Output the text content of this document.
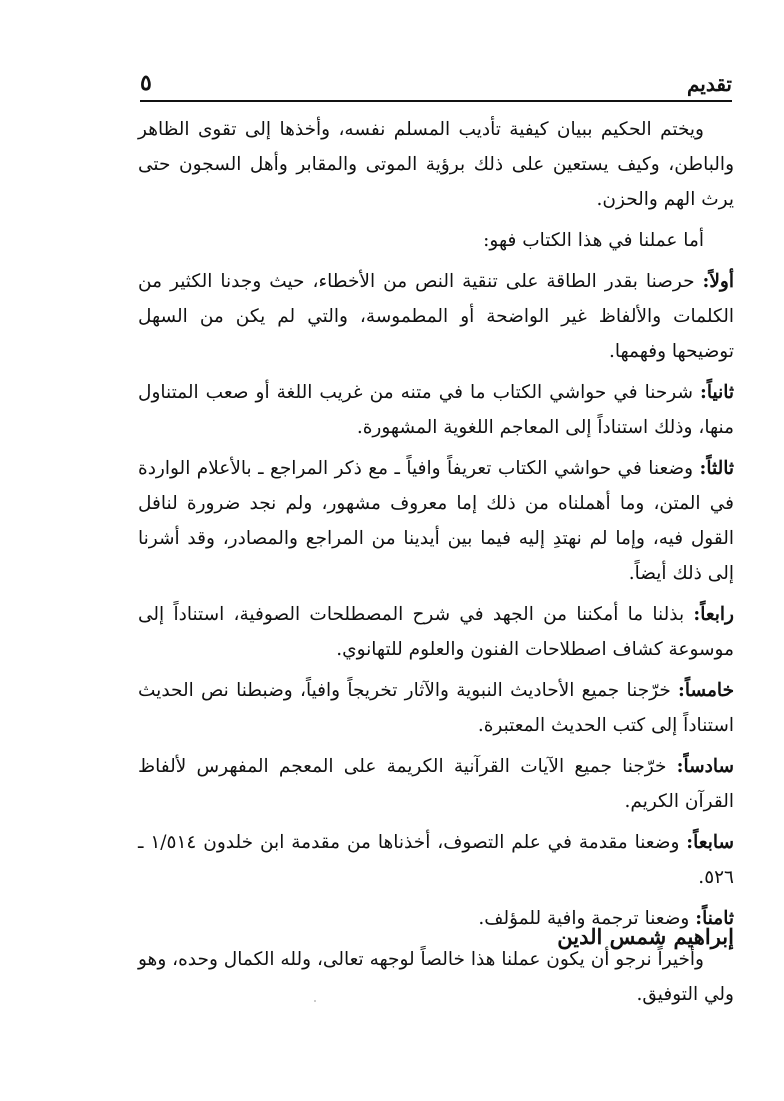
تقديم
٥

ويختم الحكيم ببيان كيفية تأديب المسلم نفسه، وأخذها إلى تقوى الظاهر والباطن، وكيف يستعين على ذلك برؤية الموتى والمقابر وأهل السجون حتى يرث الهم والحزن.

أما عملنا في هذا الكتاب فهو:

أولاً: حرصنا بقدر الطاقة على تنقية النص من الأخطاء، حيث وجدنا الكثير من الكلمات والألفاظ غير الواضحة أو المطموسة، والتي لم يكن من السهل توضيحها وفهمها.

ثانياً: شرحنا في حواشي الكتاب ما في متنه من غريب اللغة أو صعب المتناول منها، وذلك استناداً إلى المعاجم اللغوية المشهورة.

ثالثاً: وضعنا في حواشي الكتاب تعريفاً وافياً ـ مع ذكر المراجع ـ بالأعلام الواردة في المتن، وما أهملناه من ذلك إما معروف مشهور، ولم نجد ضرورة لنافل القول فيه، وإما لم نهتدِ إليه فيما بين أيدينا من المراجع والمصادر، وقد أشرنا إلى ذلك أيضاً.

رابعاً: بذلنا ما أمكننا من الجهد في شرح المصطلحات الصوفية، استناداً إلى موسوعة كشاف اصطلاحات الفنون والعلوم للتهانوي.

خامساً: خرّجنا جميع الأحاديث النبوية والآثار تخريجاً وافياً، وضبطنا نص الحديث استناداً إلى كتب الحديث المعتبرة.

سادساً: خرّجنا جميع الآيات القرآنية الكريمة على المعجم المفهرس لألفاظ القرآن الكريم.

سابعاً: وضعنا مقدمة في علم التصوف، أخذناها من مقدمة ابن خلدون ١/٥١٤ ـ ٥٢٦.

ثامناً: وضعنا ترجمة وافية للمؤلف.

وأخيراً نرجو أن يكون عملنا هذا خالصاً لوجهه تعالى، ولله الكمال وحده، وهو ولي التوفيق.

إبراهيم شمس الدين
